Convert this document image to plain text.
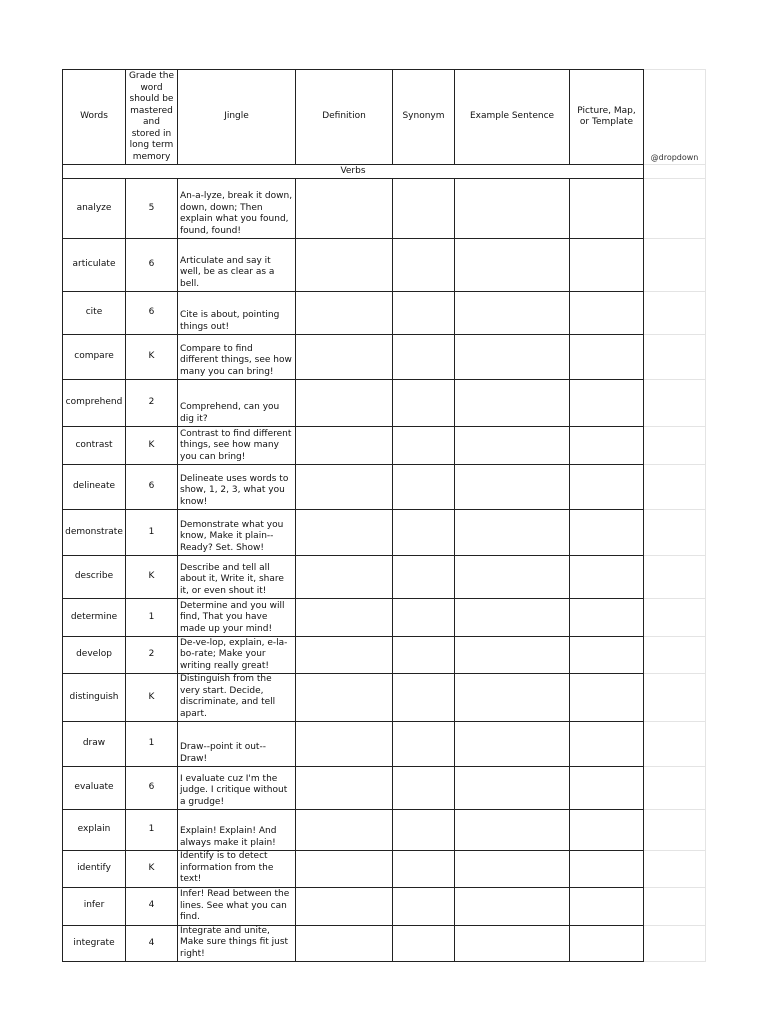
Words	Grade the word should be mastered and stored in long term memory	Jingle	Definition	Synonym	Example Sentence	Picture, Map, or Template	@dropdown
Verbs							
analyze	5	An-a-lyze, break it down, down, down; Then explain what you found, found, found!					
articulate	6	Articulate and say it well, be as clear as a bell.					
cite	6	Cite is about, pointing things out!					
compare	K	Compare to find different things, see how many you can bring!					
comprehend	2	Comprehend, can you dig it?					
contrast	K	Contrast to find different things, see how many you can bring!					
delineate	6	Delineate uses words to show, 1, 2, 3, what you know!					
demonstrate	1	Demonstrate what you know, Make it plain--Ready? Set. Show!					
describe	K	Describe and tell all about it, Write it, share it, or even shout it!					
determine	1	Determine and you will find, That you have made up your mind!					
develop	2	De-ve-lop, explain, e-la-bo-rate; Make your writing really great!					
distinguish	K	Distinguish from the very start. Decide, discriminate, and tell apart.					
draw	1	Draw--point it out--Draw!					
evaluate	6	I evaluate cuz I'm the judge. I critique without a grudge!					
explain	1	Explain! Explain! And always make it plain!					
identify	K	Identify is to detect information from the text!					
infer	4	Infer! Read between the lines. See what you can find.					
integrate	4	Integrate and unite, Make sure things fit just right!					
